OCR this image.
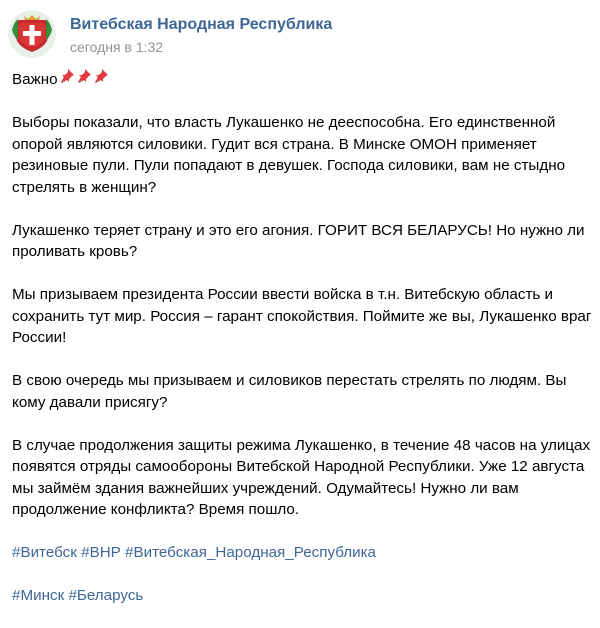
Витебская Народная Республика
сегодня в 1:32
Важно

Выборы показали, что власть Лукашенко не дееспособна. Его единственной опорой являются силовики. Гудит вся страна. В Минске ОМОН применяет резиновые пули. Пули попадают в девушек. Господа силовики, вам не стыдно стрелять в женщин?

Лукашенко теряет страну и это его агония. ГОРИТ ВСЯ БЕЛАРУСЬ! Но нужно ли проливать кровь?

Мы призываем президента России ввести войска в т.н. Витебскую область и сохранить тут мир. Россия – гарант спокойствия. Поймите же вы, Лукашенко враг России!

В свою очередь мы призываем и силовиков перестать стрелять по людям. Вы кому давали присягу?

В случае продолжения защиты режима Лукашенко, в течение 48 часов на улицах появятся отряды самообороны Витебской Народной Республики. Уже 12 августа мы займём здания важнейших учреждений. Одумайтесь! Нужно ли вам продолжение конфликта? Время пошло.

#Витебск #ВНР #Витебская_Народная_Республика
#Минск #Беларусь
